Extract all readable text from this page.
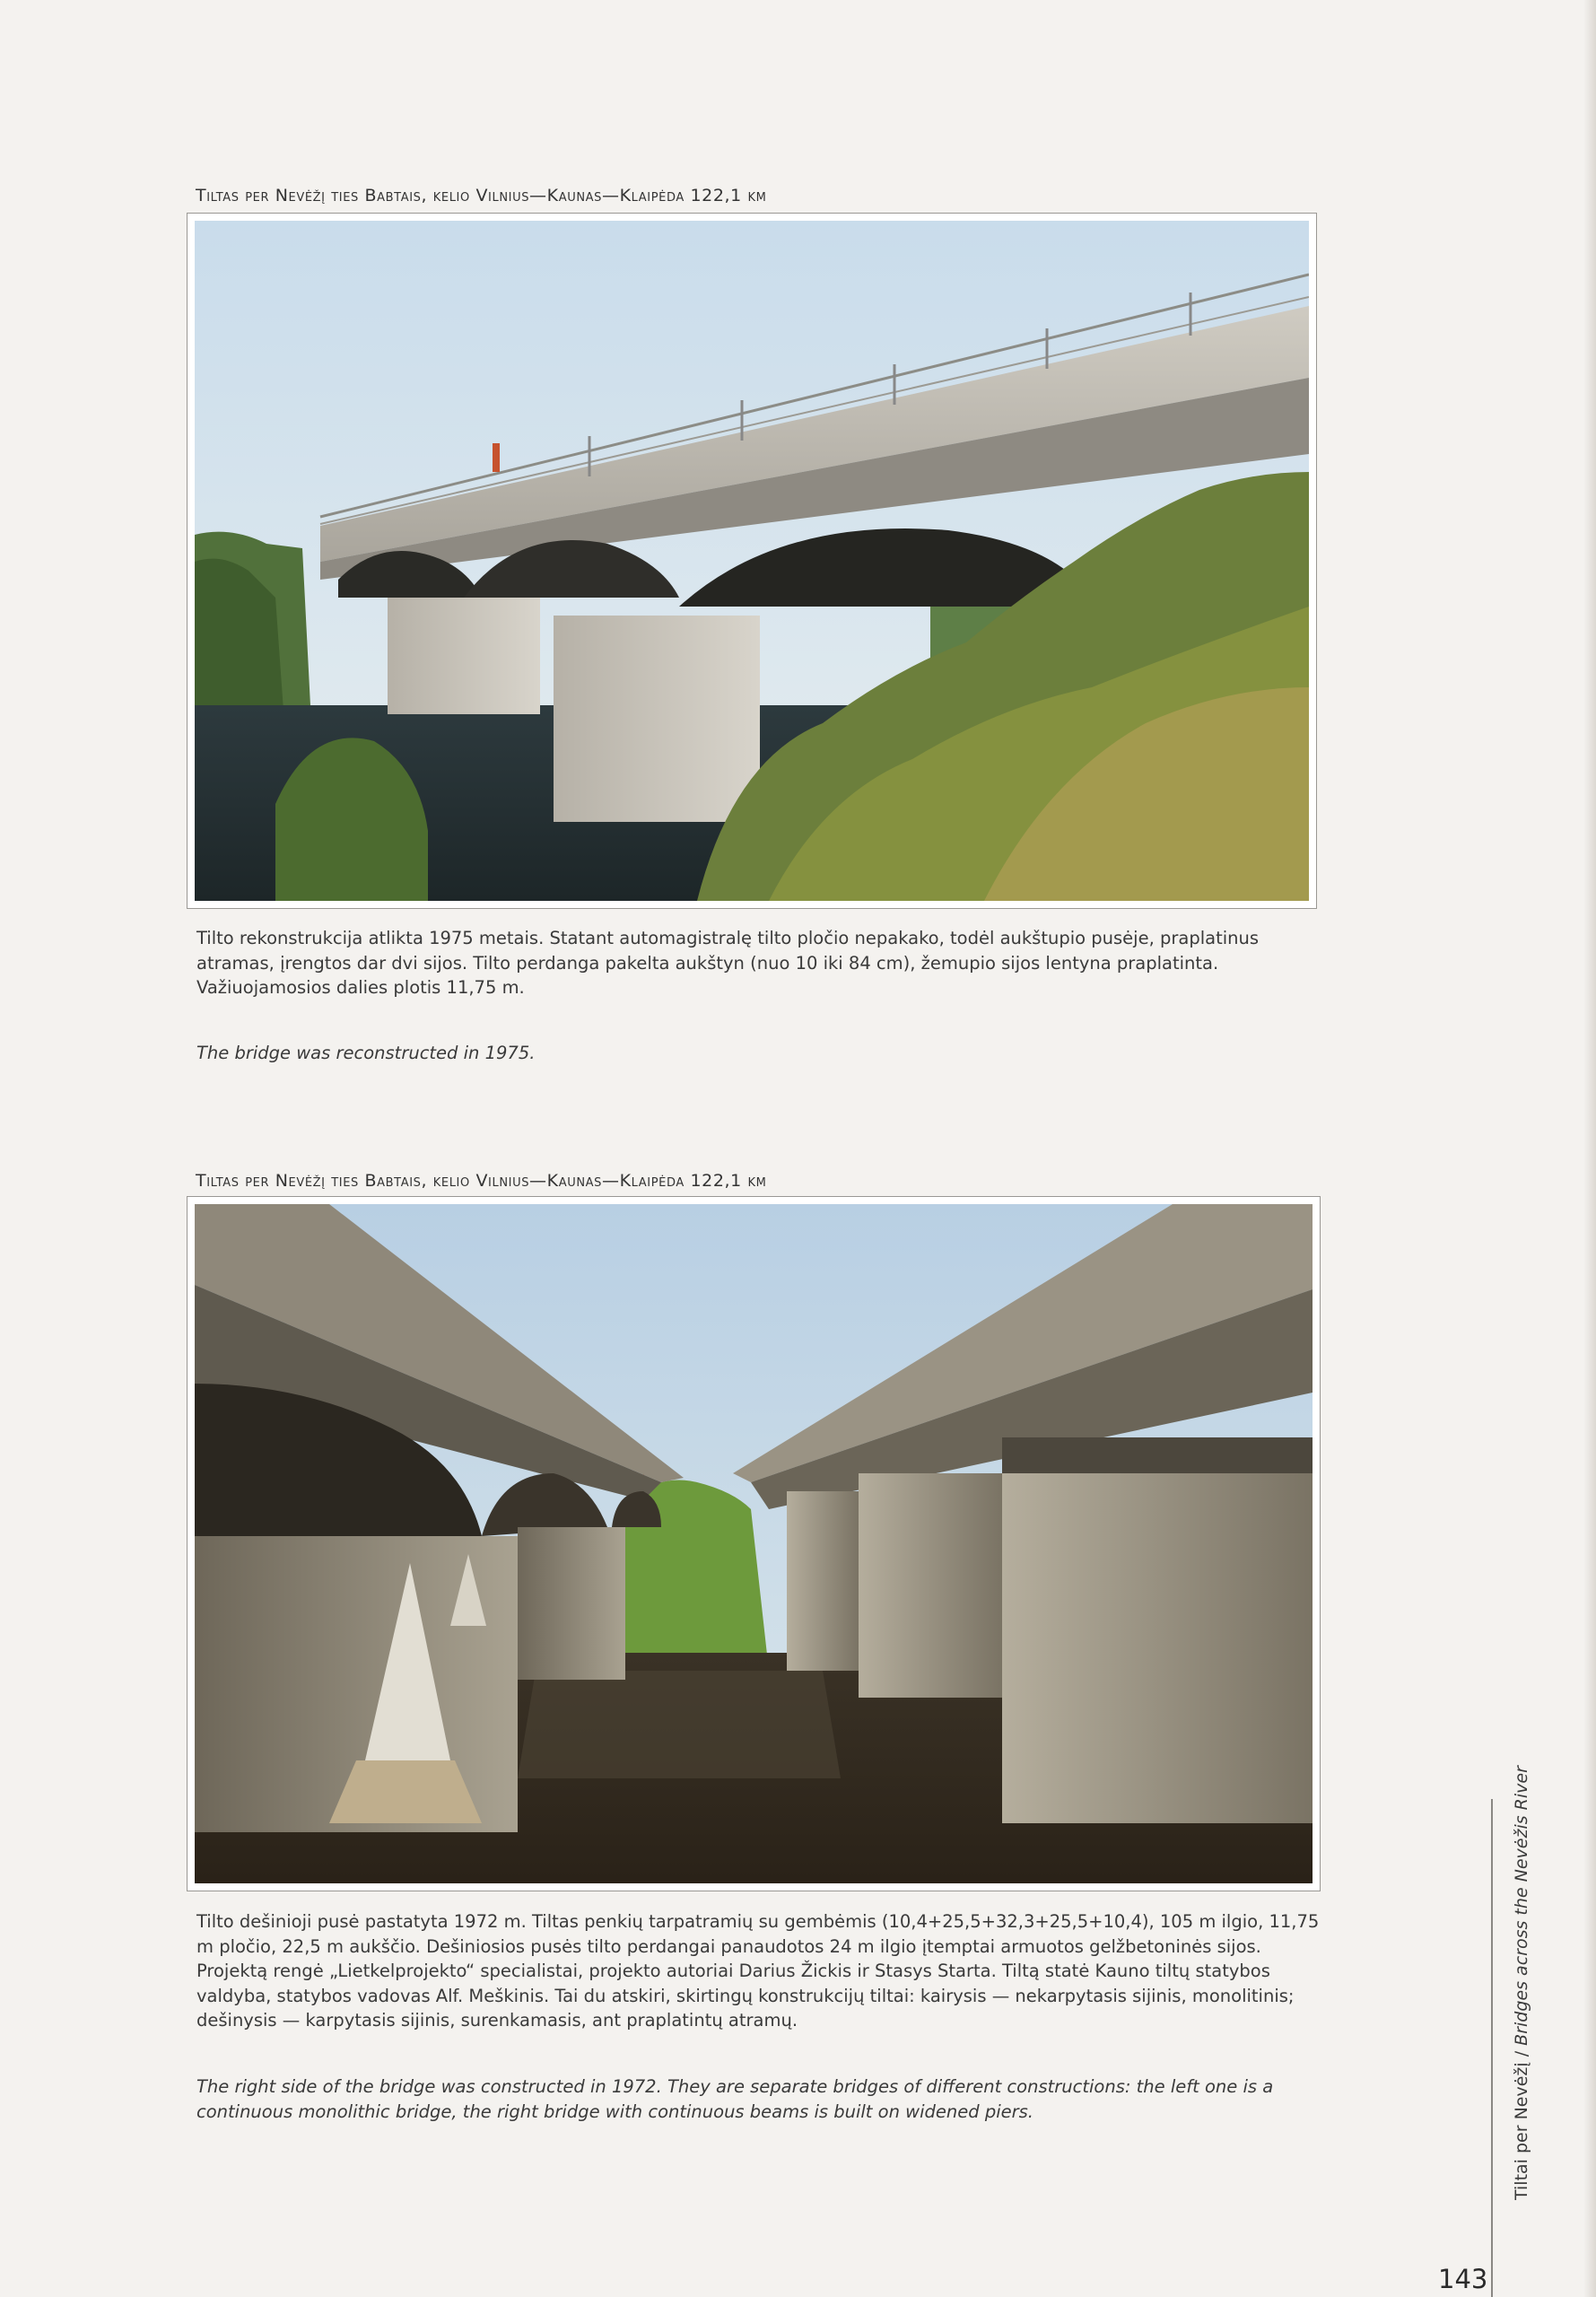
Tiltas per Nevėžį ties Babtais, kelio Vilnius—Kaunas—Klaipėda 122,1 km

Tilto rekonstrukcija atlikta 1975 metais. Statant automagistralę tilto pločio nepakako, todėl aukštupio pusėje, praplatinus atramas, įrengtos dar dvi sijos. Tilto perdanga pakelta aukštyn (nuo 10 iki 84 cm), žemupio sijos lentyna praplatinta. Važiuojamosios dalies plotis 11,75 m.

The bridge was reconstructed in 1975.

Tiltas per Nevėžį ties Babtais, kelio Vilnius—Kaunas—Klaipėda 122,1 km

Tilto dešinioji pusė pastatyta 1972 m. Tiltas penkių tarpatramių su gembėmis (10,4+25,5+32,3+25,5+10,4), 105 m ilgio, 11,75 m pločio, 22,5 m aukščio. Dešiniosios pusės tilto perdangai panaudotos 24 m ilgio įtemptai armuotos gelžbetoninės sijos. Projektą rengė „Lietkelprojekto“ specialistai, projekto autoriai Darius Žickis ir Stasys Starta. Tiltą statė Kauno tiltų statybos valdyba, statybos vadovas Alf. Meškinis. Tai du atskiri, skirtingų konstrukcijų tiltai: kairysis — nekarpytasis sijinis, monolitinis; dešinysis — karpytasis sijinis, surenkamasis, ant praplatintų atramų.

The right side of the bridge was constructed in 1972. They are separate bridges of different constructions: the left one is a continuous monolithic bridge, the right bridge with continuous beams is built on widened piers.	Tiltai per Nevėžį / Bridges across the Nevėžis River
143
